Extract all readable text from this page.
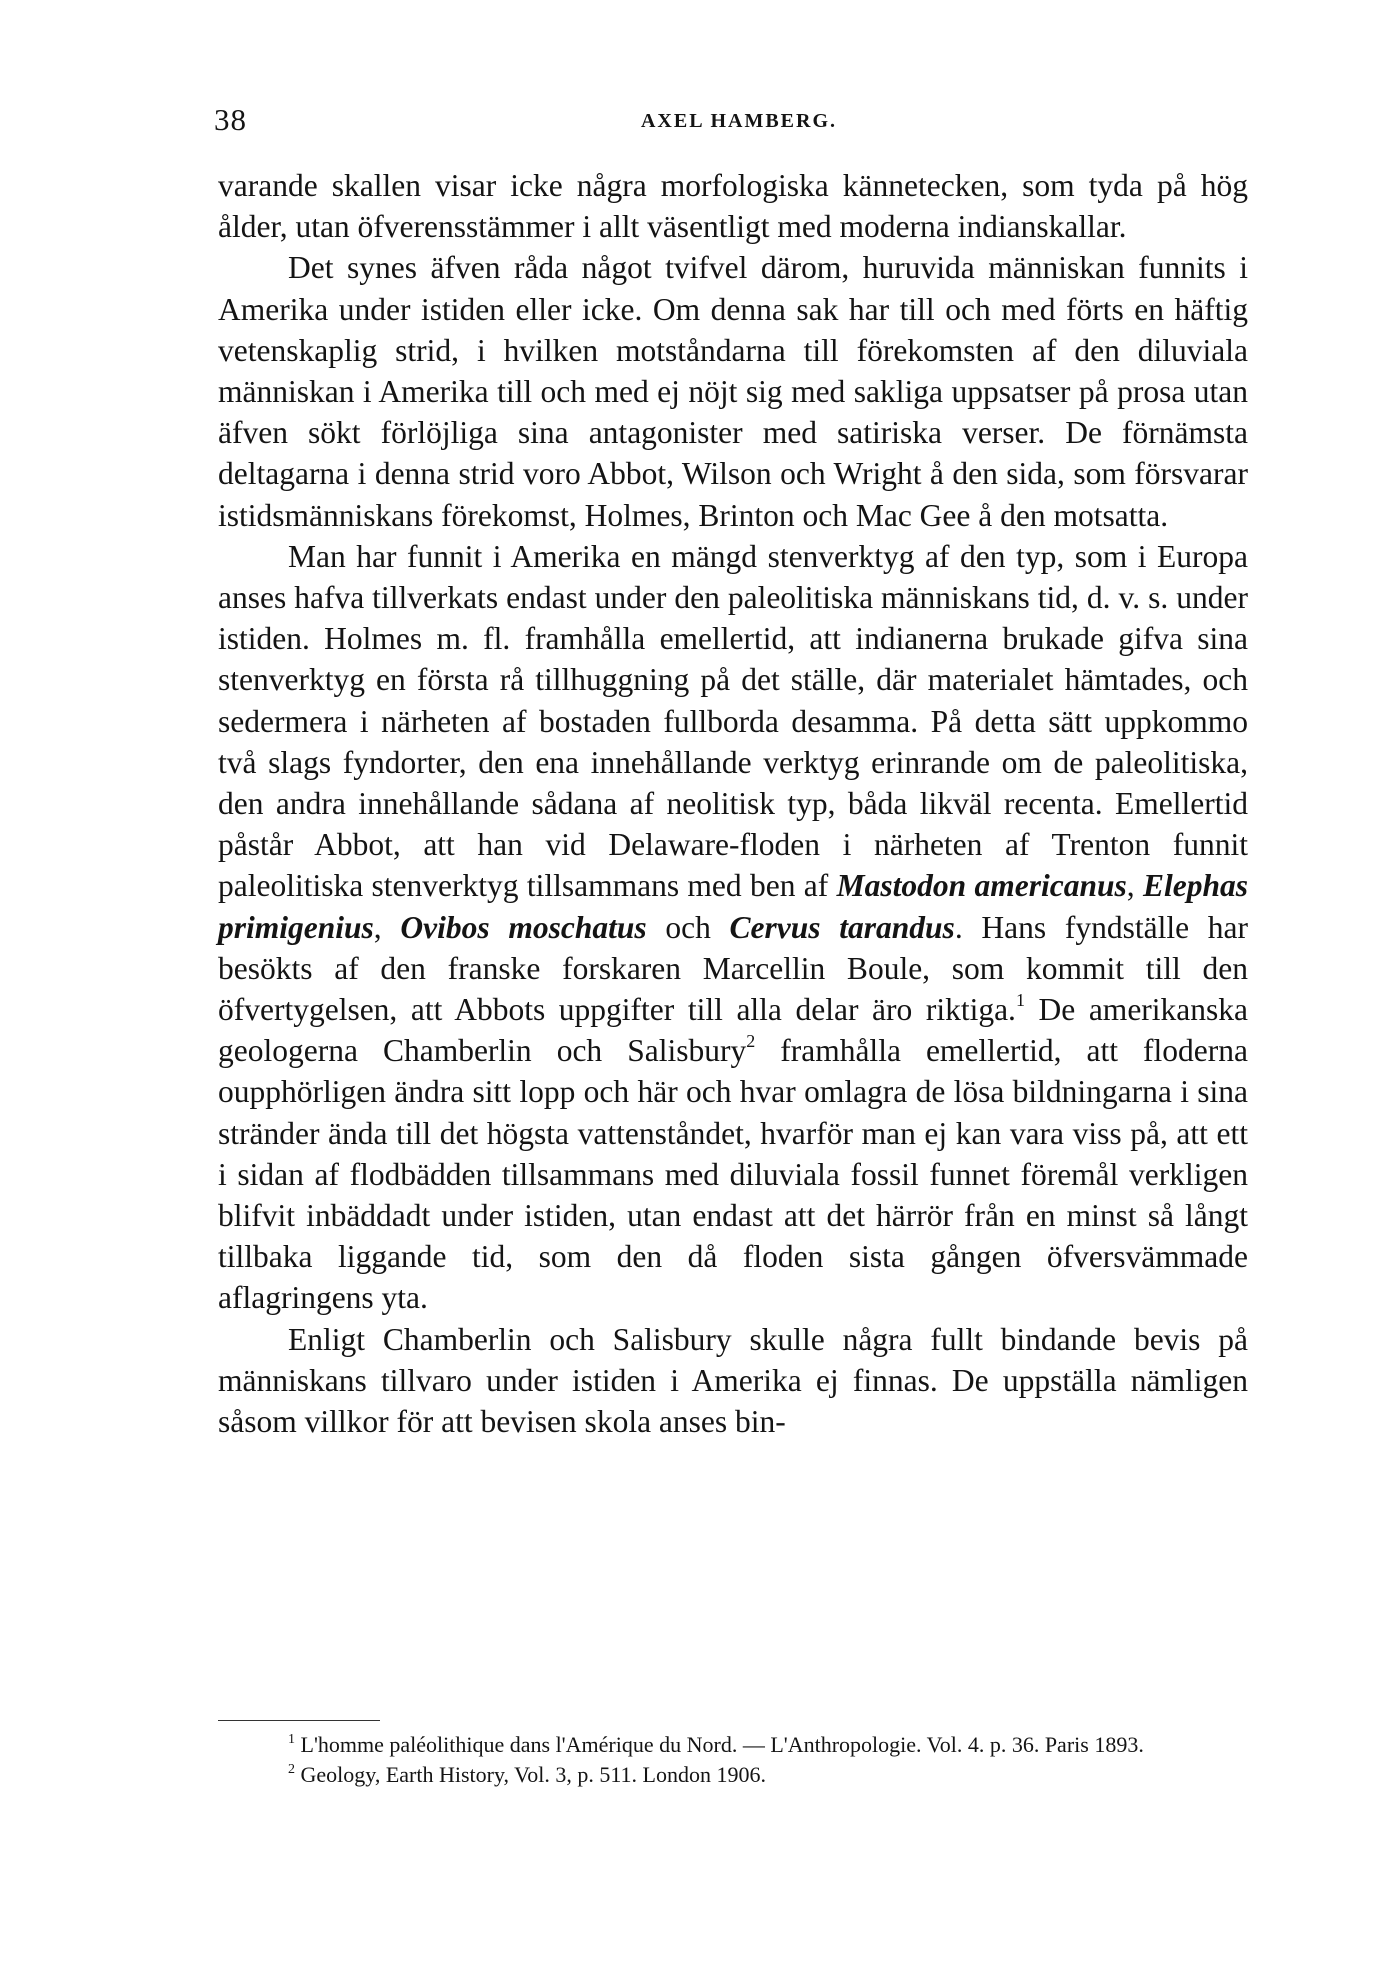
38	AXEL HAMBERG.

varande skallen visar icke några morfologiska kännetecken, som tyda på hög ålder, utan öfverensstämmer i allt väsentligt med moderna indianskallar.

Det synes äfven råda något tvifvel därom, huruvida människan funnits i Amerika under istiden eller icke. Om denna sak har till och med förts en häftig vetenskaplig strid, i hvilken motståndarna till förekomsten af den diluviala människan i Amerika till och med ej nöjt sig med sakliga uppsatser på prosa utan äfven sökt förlöjliga sina antagonister med satiriska verser. De förnämsta deltagarna i denna strid voro Abbot, Wilson och Wright å den sida, som försvarar istidsmänniskans förekomst, Holmes, Brinton och Mac Gee å den motsatta.

Man har funnit i Amerika en mängd stenverktyg af den typ, som i Europa anses hafva tillverkats endast under den paleolitiska människans tid, d. v. s. under istiden. Holmes m. fl. framhålla emellertid, att indianerna brukade gifva sina stenverktyg en första rå tillhuggning på det ställe, där materialet hämtades, och sedermera i närheten af bostaden fullborda desamma. På detta sätt uppkommo två slags fyndorter, den ena innehållande verktyg erinrande om de paleolitiska, den andra innehållande sådana af neolitisk typ, båda likväl recenta. Emellertid påstår Abbot, att han vid Delaware-floden i närheten af Trenton funnit paleolitiska stenverktyg tillsammans med ben af Mastodon americanus, Elephas primigenius, Ovibos moschatus och Cervus tarandus. Hans fyndställe har besökts af den franske forskaren Marcellin Boule, som kommit till den öfvertygelsen, att Abbots uppgifter till alla delar äro riktiga.$^1$ De amerikanska geologerna Chamberlin och Salisbury$^2$ framhålla emellertid, att floderna oupphörligen ändra sitt lopp och här och hvar omlagra de lösa bildningarna i sina stränder ända till det högsta vattenståndet, hvarför man ej kan vara viss på, att ett i sidan af flodbädden tillsammans med diluviala fossil funnet föremål verkligen blifvit inbäddadt under istiden, utan endast att det härrör från en minst så långt tillbaka liggande tid, som den då floden sista gången öfversvämmade aflagringens yta.

Enligt Chamberlin och Salisbury skulle några fullt bindande bevis på människans tillvaro under istiden i Amerika ej finnas. De uppställa nämligen såsom villkor för att bevisen skola anses bin-

$^1$ L'homme paléolithique dans l'Amérique du Nord. — L'Anthropologie. Vol. 4. p. 36. Paris 1893.

$^2$ Geology, Earth History, Vol. 3, p. 511. London 1906.
